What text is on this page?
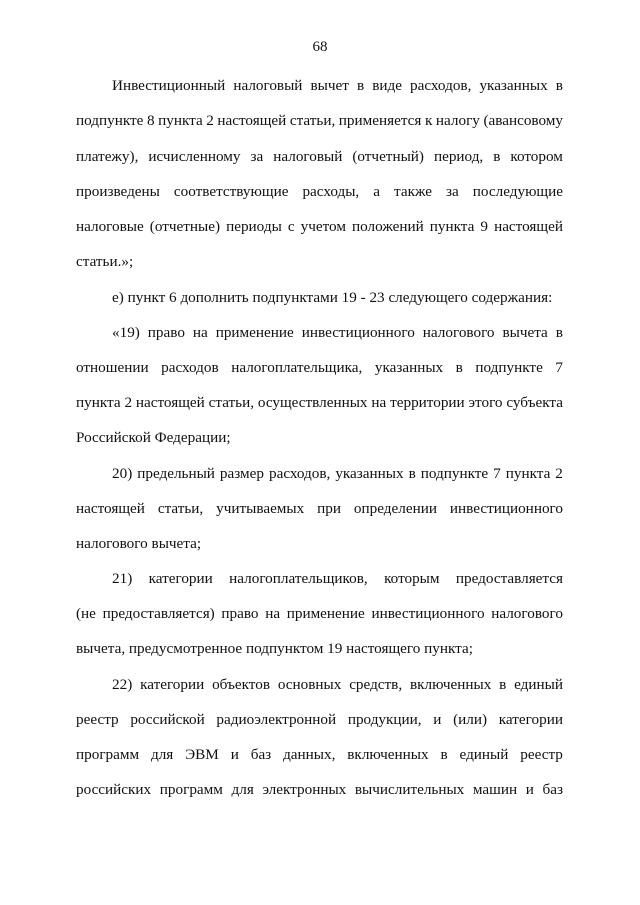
68
Инвестиционный налоговый вычет в виде расходов, указанных в
подпункте 8 пункта 2 настоящей статьи, применяется к налогу (авансовому
платежу), исчисленному за налоговый (отчетный) период, в котором
произведены соответствующие расходы, а также за последующие
налоговые (отчетные) периоды с учетом положений пункта 9 настоящей
статьи.»;
е) пункт 6 дополнить подпунктами 19 - 23 следующего содержания:
«19) право на применение инвестиционного налогового вычета в
отношении расходов налогоплательщика, указанных в подпункте 7
пункта 2 настоящей статьи, осуществленных на территории этого субъекта
Российской Федерации;
20) предельный размер расходов, указанных в подпункте 7 пункта 2
настоящей статьи, учитываемых при определении инвестиционного
налогового вычета;
21) категории налогоплательщиков, которым предоставляется
(не предоставляется) право на применение инвестиционного налогового
вычета, предусмотренное подпунктом 19 настоящего пункта;
22) категории объектов основных средств, включенных в единый
реестр российской радиоэлектронной продукции, и (или) категории
программ для ЭВМ и баз данных, включенных в единый реестр
российских программ для электронных вычислительных машин и баз
